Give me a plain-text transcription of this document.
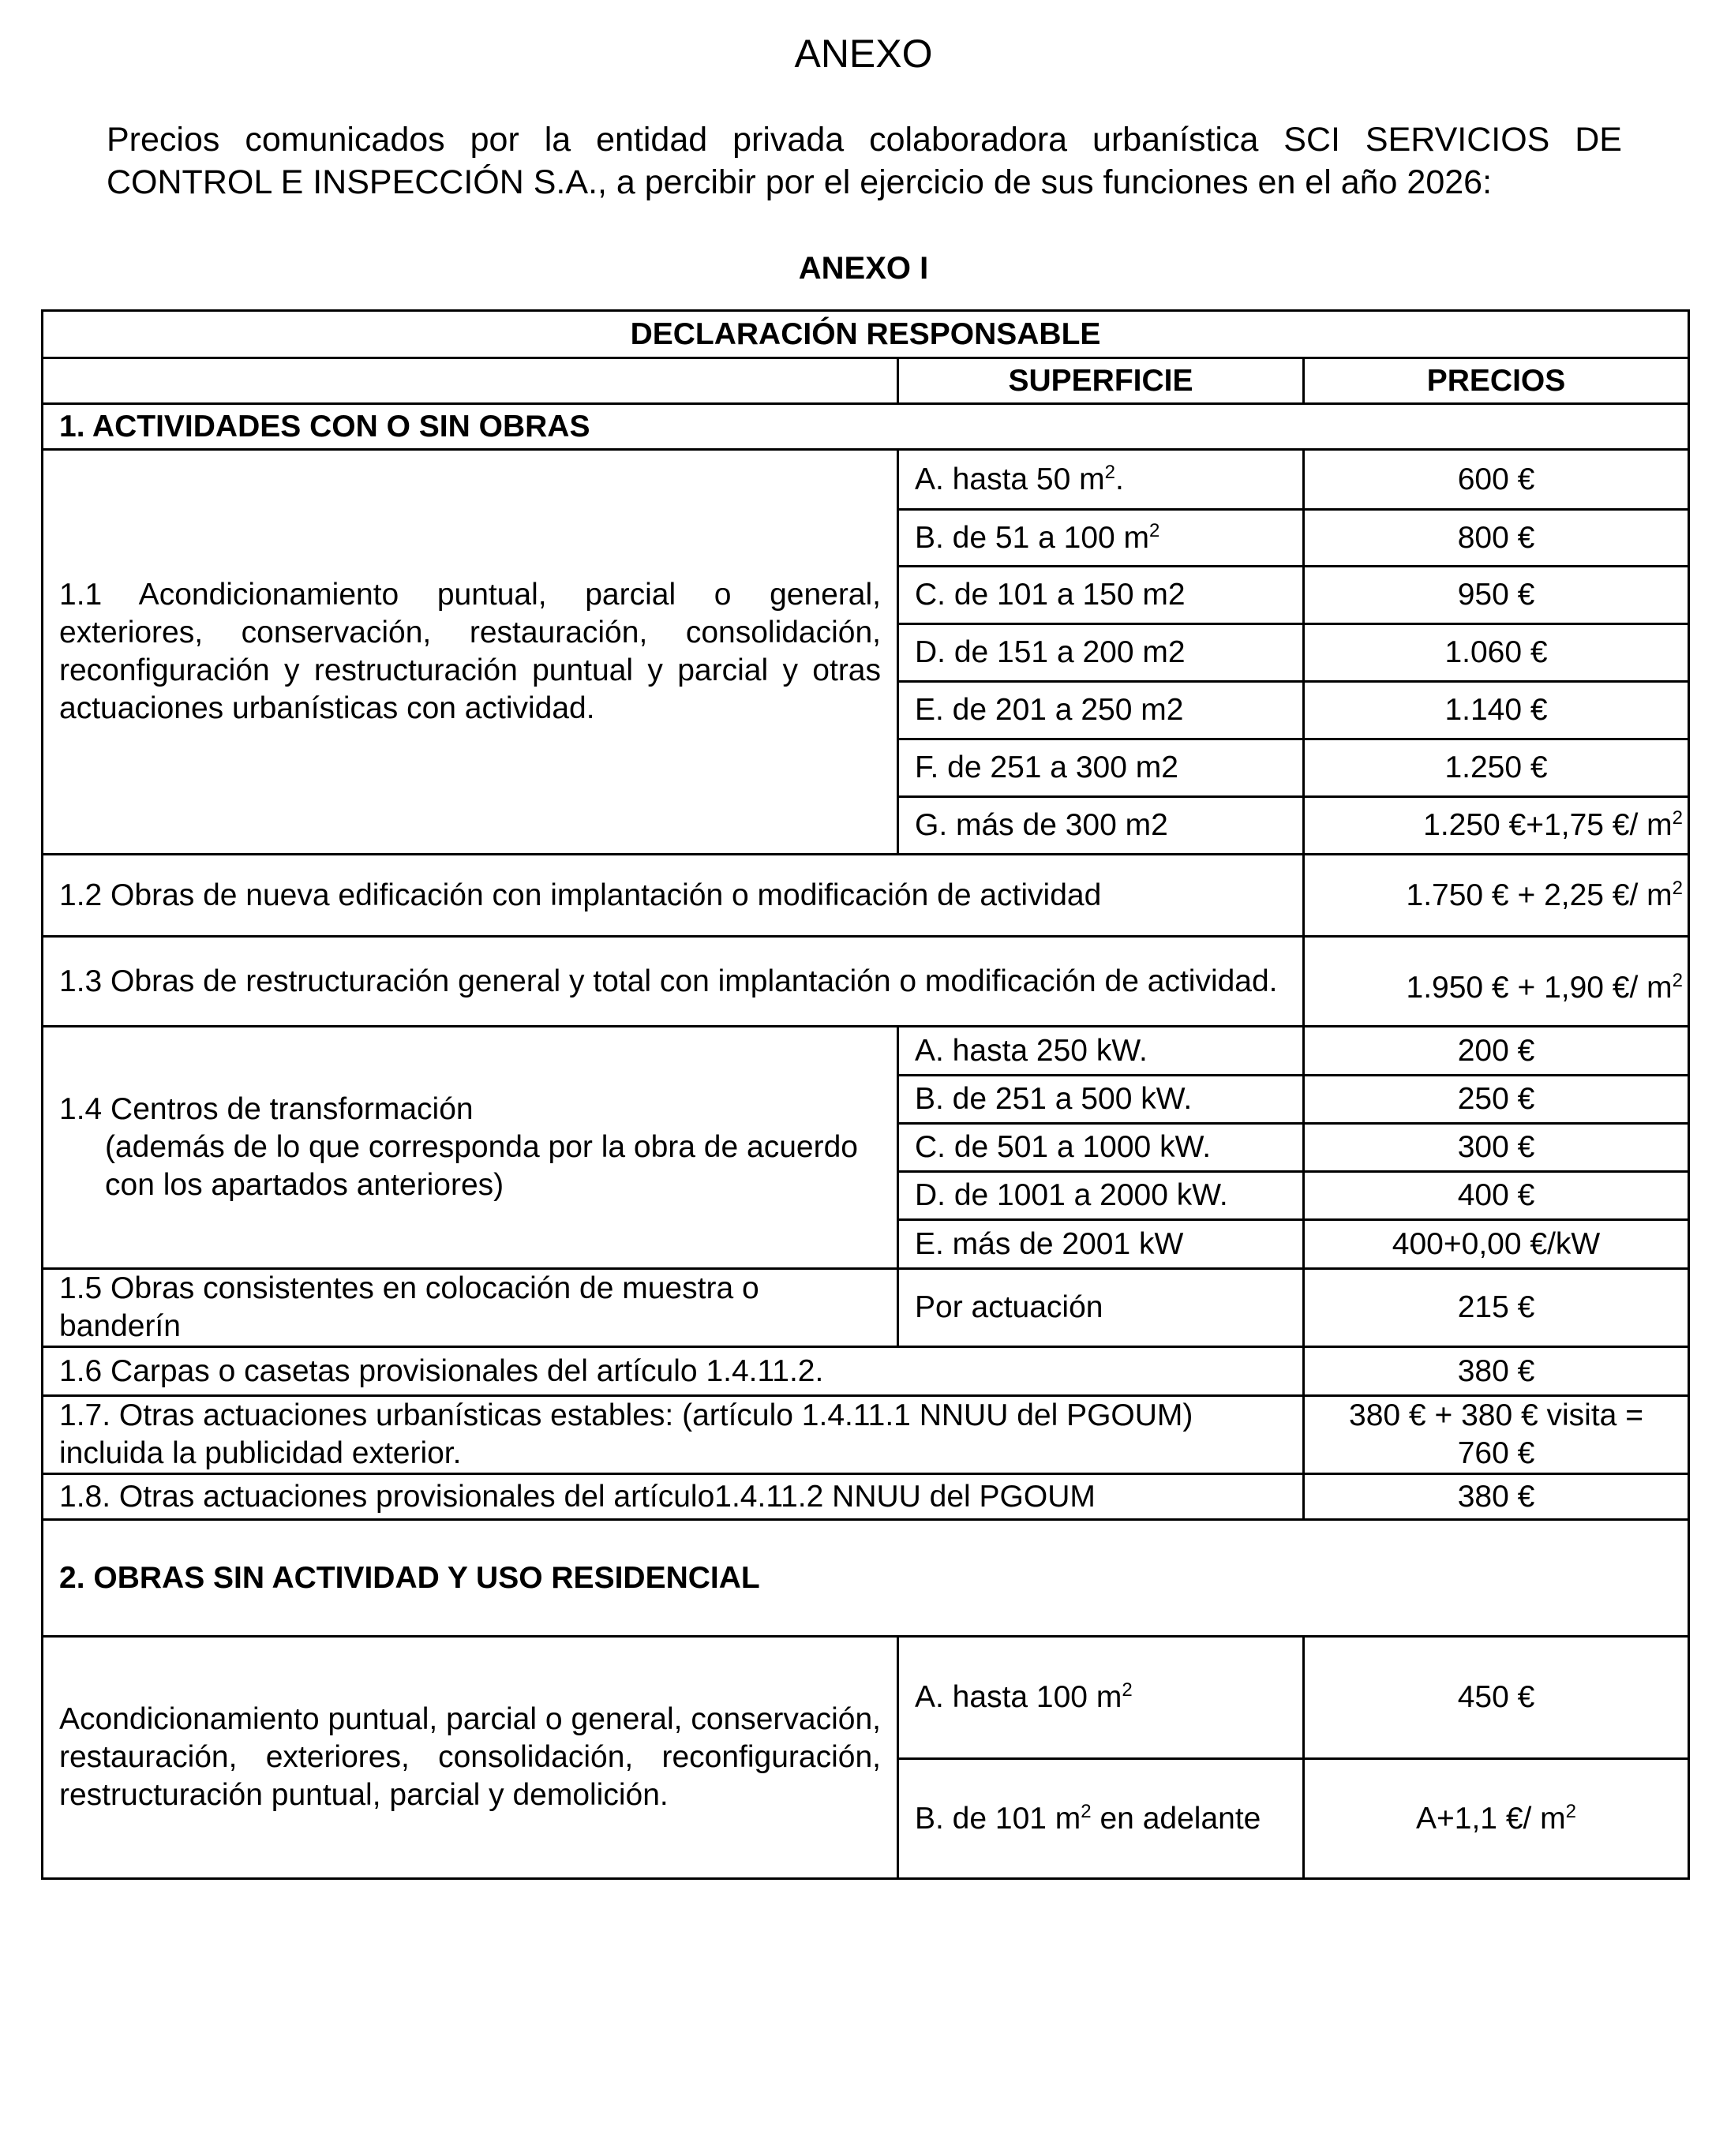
ANEXO
Precios comunicados por la entidad privada colaboradora urbanística SCI SERVICIOS DE CONTROL E INSPECCIÓN S.A., a percibir por el ejercicio de sus funciones en el año 2026:
ANEXO I
DECLARACIÓN RESPONSABLE		
	SUPERFICIE	PRECIOS
1. ACTIVIDADES CON O SIN OBRAS		
1.1 Acondicionamiento puntual, parcial o general, exteriores, conservación, restauración, consolidación, reconfiguración y restructuración puntual y parcial y otras actuaciones urbanísticas con actividad.	A. hasta 50 $m^2$.	600 €
	B. de 51 a 100 $m^2$	800 €
	C. de 101 a 150 m2	950 €
	D. de 151 a 200 m2	1.060 €
	E. de 201 a 250 m2	1.140 €
	F. de 251 a 300 m2	1.250 €
	G. más de 300 m2	1.250 €+1,75 €/ $m^2$
1.2 Obras de nueva edificación con implantación o modificación de actividad		1.750 € + 2,25 €/ $m^2$
1.3 Obras de restructuración general y total con implantación o modificación de actividad.		1.950 € + 1,90 €/ $m^2$
1.4 Centros de transformación
(además de lo que corresponda por la obra de acuerdo con los apartados anteriores)	A. hasta 250 kW.	200 €
	B. de 251 a 500 kW.	250 €
	C. de 501 a 1000 kW.	300 €
	D. de 1001 a 2000 kW.	400 €
	E. más de 2001 kW	400+0,00 €/kW
1.5 Obras consistentes en colocación de muestra o banderín	Por actuación	215 €
1.6 Carpas o casetas provisionales del artículo 1.4.11.2.		380 €
1.7. Otras actuaciones urbanísticas estables: (artículo 1.4.11.1 NNUU del PGOUM) incluida la publicidad exterior.		380 € + 380 € visita = 760 €
1.8. Otras actuaciones provisionales del artículo1.4.11.2 NNUU del PGOUM		380 €
2. OBRAS SIN ACTIVIDAD Y USO RESIDENCIAL		
Acondicionamiento puntual, parcial o general, conservación, restauración, exteriores, consolidación, reconfiguración, restructuración puntual, parcial y demolición.	A. hasta 100 $m^2$	450 €
	B. de 101 $m^2$ en adelante	A+1,1 €/ $m^2$
